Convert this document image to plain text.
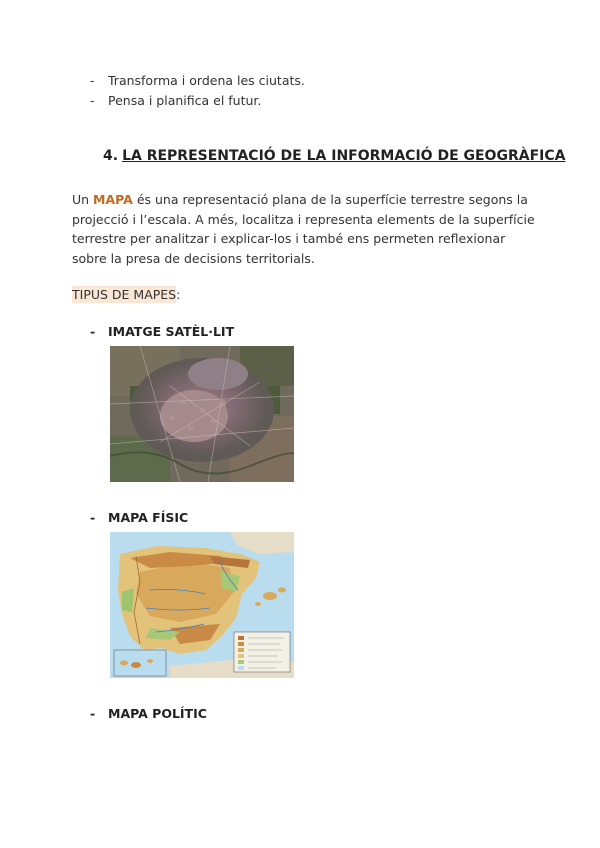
- Transforma i ordena les ciutats.
- Pensa i planifica el futur.
4. LA REPRESENTACIÓ DE LA INFORMACIÓ DE GEOGRÀFICA
Un MAPA és una representació plana de la superfície terrestre segons la projecció i l’escala. A més, localitza i representa elements de la superfície terrestre per analitzar i explicar-los i també ens permeten reflexionar sobre la presa de decisions territorials.
TIPUS DE MAPES:
- IMATGE SATÈL·LIT
- MAPA FÍSIC
- MAPA POLÍTIC
